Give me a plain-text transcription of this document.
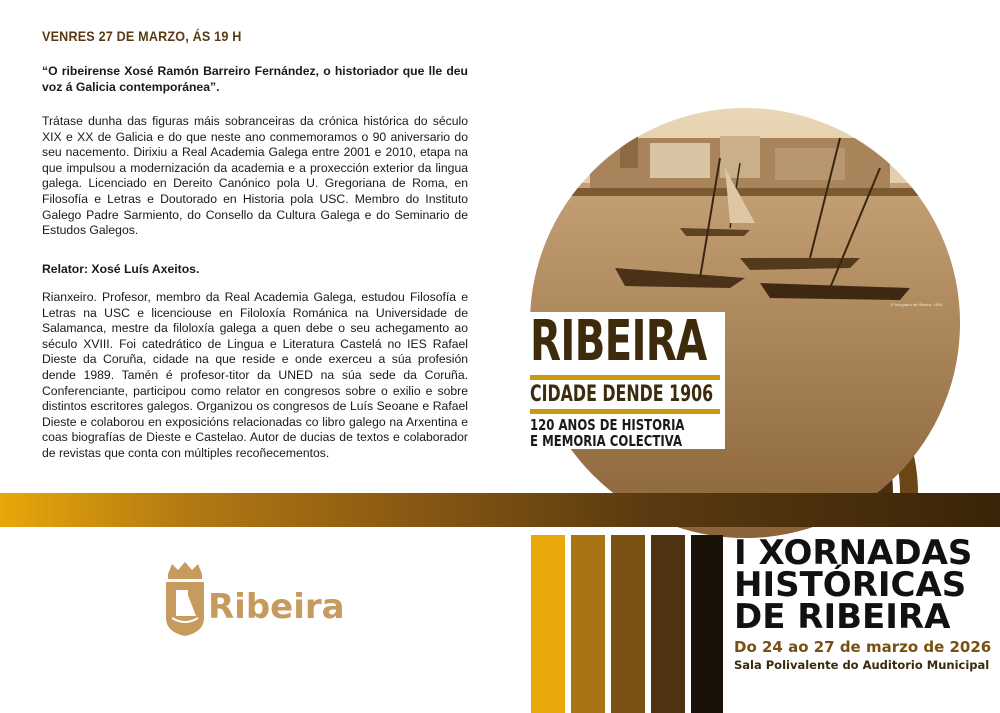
VENRES 27 DE MARZO, ÁS 19 H
“O ribeirense Xosé Ramón Barreiro Fernández, o historiador que lle deu voz á Galicia contemporánea”.
Trátase dunha das figuras máis sobranceiras da crónica histórica do século XIX e XX de Galicia e do que neste ano conmemoramos o 90 aniversario do seu nacemento. Dirixiu a Real Academia Galega entre 2001 e 2010, etapa na que impulsou a modernización da academia e a proxección exterior da lingua galega. Licenciado en Dereito Canónico pola U. Gregoriana de Roma, en Filosofía e Letras e Doutorado en Historia pola USC. Membro do Instituto Galego Padre Sarmiento, do Consello da Cultura Galega e do Seminario de Estudos Galegos.
Relator: Xosé Luís Axeitos.
Rianxeiro. Profesor, membro da Real Academia Galega, estudou Filosofía e Letras na USC e licenciouse en Filoloxía Románica na Universidade de Salamanca, mestre da filoloxía galega a quen debe o seu achegamento ao século XVIII. Foi catedrático de Lingua e Literatura Castelá no IES Rafael Dieste da Coruña, cidade na que reside e onde exerceu a súa profesión dende 1989. Tamén é profesor-titor da UNED na súa sede da Coruña. Conferenciante, participou como relator en congresos sobre o exilio e sobre distintos escritores galegos. Organizou os congresos de Luís Seoane e Rafael Dieste e colaborou en exposicións relacionadas co libro galego na Arxentina e coas biografías de Dieste e Castelao. Autor de ducias de textos e colaborador de revistas que conta con múltiples recoñecementos.
1ª fotografía de Ribeira, 1893.
RIBEIRA
CIDADE DENDE 1906
120 ANOS DE HISTORIA
E MEMORIA COLECTIVA
I XORNADAS
HISTÓRICAS
DE RIBEIRA
Do 24 ao 27 de marzo de 2026
Sala Polivalente do Auditorio Municipal
Ribeira
